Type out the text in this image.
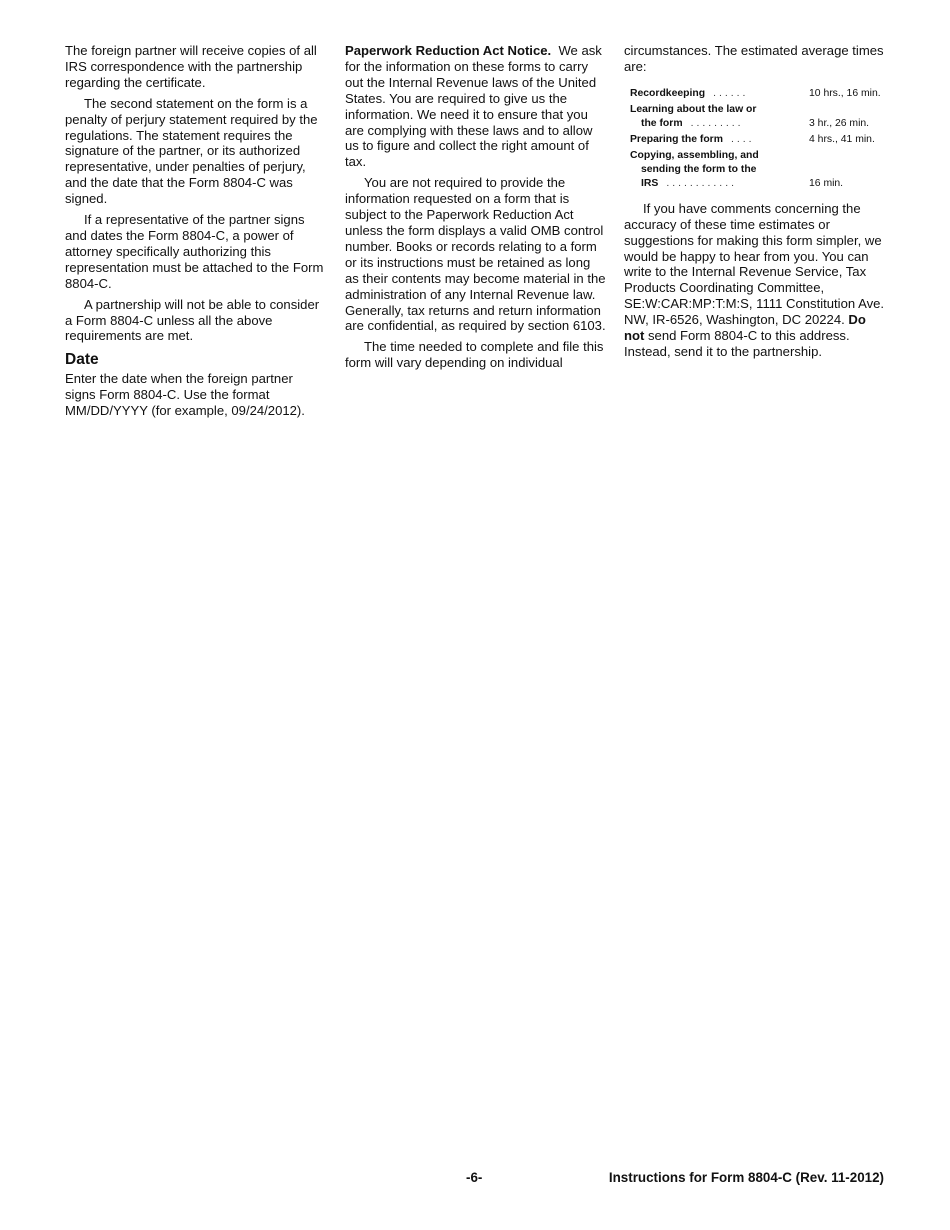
The foreign partner will receive copies of all IRS correspondence with the partnership regarding the certificate.

The second statement on the form is a penalty of perjury statement required by the regulations. The statement requires the signature of the partner, or its authorized representative, under penalties of perjury, and the date that the Form 8804-C was signed.

If a representative of the partner signs and dates the Form 8804-C, a power of attorney specifically authorizing this representation must be attached to the Form 8804-C.

A partnership will not be able to consider a Form 8804-C unless all the above requirements are met.

Date

Enter the date when the foreign partner signs Form 8804-C. Use the format MM/DD/YYYY (for example, 09/24/2012).

Paperwork Reduction Act Notice. We ask for the information on these forms to carry out the Internal Revenue laws of the United States. You are required to give us the information. We need it to ensure that you are complying with these laws and to allow us to figure and collect the right amount of tax.

You are not required to provide the information requested on a form that is subject to the Paperwork Reduction Act unless the form displays a valid OMB control number. Books or records relating to a form or its instructions must be retained as long as their contents may become material in the administration of any Internal Revenue law. Generally, tax returns and return information are confidential, as required by section 6103.

The time needed to complete and file this form will vary depending on individual

circumstances. The estimated average times are:

Recordkeeping ......	10 hrs., 16 min.
Learning about the law or	
the form .........	3 hr., 26 min.
Preparing the form ....	4 hrs., 41 min.
Copying, assembling, and	
sending the form to the	
IRS ............	16 min.

If you have comments concerning the accuracy of these time estimates or suggestions for making this form simpler, we would be happy to hear from you. You can write to the Internal Revenue Service, Tax Products Coordinating Committee, SE:W:CAR:MP:T:M:S, 1111 Constitution Ave. NW, IR-6526, Washington, DC 20224. Do not send Form 8804-C to this address. Instead, send it to the partnership.

-6-	Instructions for Form 8804-C (Rev. 11-2012)
